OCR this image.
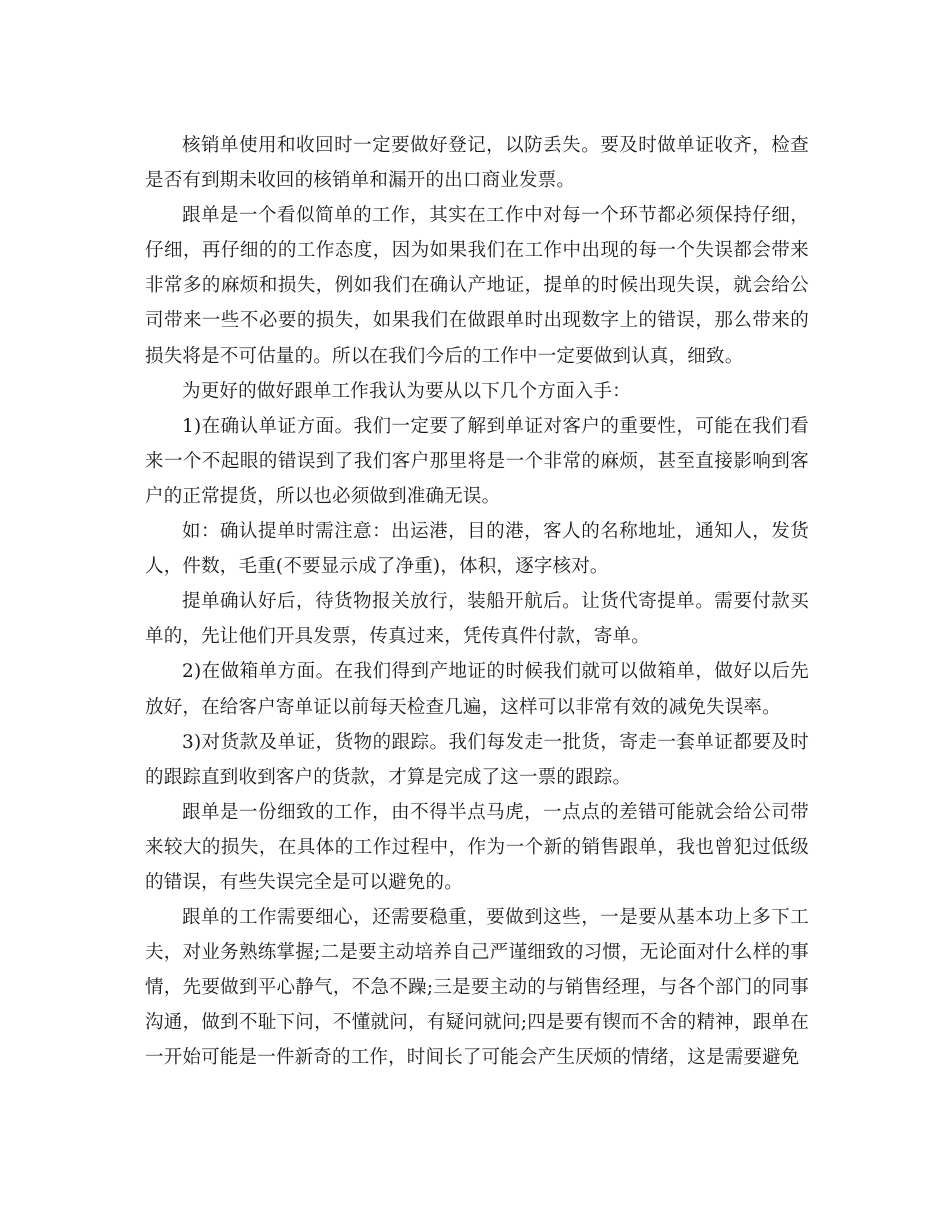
核销单使用和收回时一定要做好登记，以防丢失。要及时做单证收齐，检查是否有到期未收回的核销单和漏开的出口商业发票。

跟单是一个看似简单的工作，其实在工作中对每一个环节都必须保持仔细，仔细，再仔细的的工作态度，因为如果我们在工作中出现的每一个失误都会带来非常多的麻烦和损失，例如我们在确认产地证，提单的时候出现失误，就会给公司带来一些不必要的损失，如果我们在做跟单时出现数字上的错误，那么带来的损失将是不可估量的。所以在我们今后的工作中一定要做到认真，细致。

为更好的做好跟单工作我认为要从以下几个方面入手：

1)在确认单证方面。我们一定要了解到单证对客户的重要性，可能在我们看来一个不起眼的错误到了我们客户那里将是一个非常的麻烦，甚至直接影响到客户的正常提货，所以也必须做到准确无误。

如：确认提单时需注意：出运港，目的港，客人的名称地址，通知人，发货人，件数，毛重(不要显示成了净重)，体积，逐字核对。

提单确认好后，待货物报关放行，装船开航后。让货代寄提单。需要付款买单的，先让他们开具发票，传真过来，凭传真件付款，寄单。

2)在做箱单方面。在我们得到产地证的时候我们就可以做箱单，做好以后先放好，在给客户寄单证以前每天检查几遍，这样可以非常有效的减免失误率。

3)对货款及单证，货物的跟踪。我们每发走一批货，寄走一套单证都要及时的跟踪直到收到客户的货款，才算是完成了这一票的跟踪。

跟单是一份细致的工作，由不得半点马虎，一点点的差错可能就会给公司带来较大的损失，在具体的工作过程中，作为一个新的销售跟单，我也曾犯过低级的错误，有些失误完全是可以避免的。

跟单的工作需要细心，还需要稳重，要做到这些，一是要从基本功上多下工夫，对业务熟练掌握;二是要主动培养自己严谨细致的习惯，无论面对什么样的事情，先要做到平心静气，不急不躁;三是要主动的与销售经理，与各个部门的同事沟通，做到不耻下问，不懂就问，有疑问就问;四是要有锲而不舍的精神，跟单在一开始可能是一件新奇的工作，时间长了可能会产生厌烦的情绪，这是需要避免
